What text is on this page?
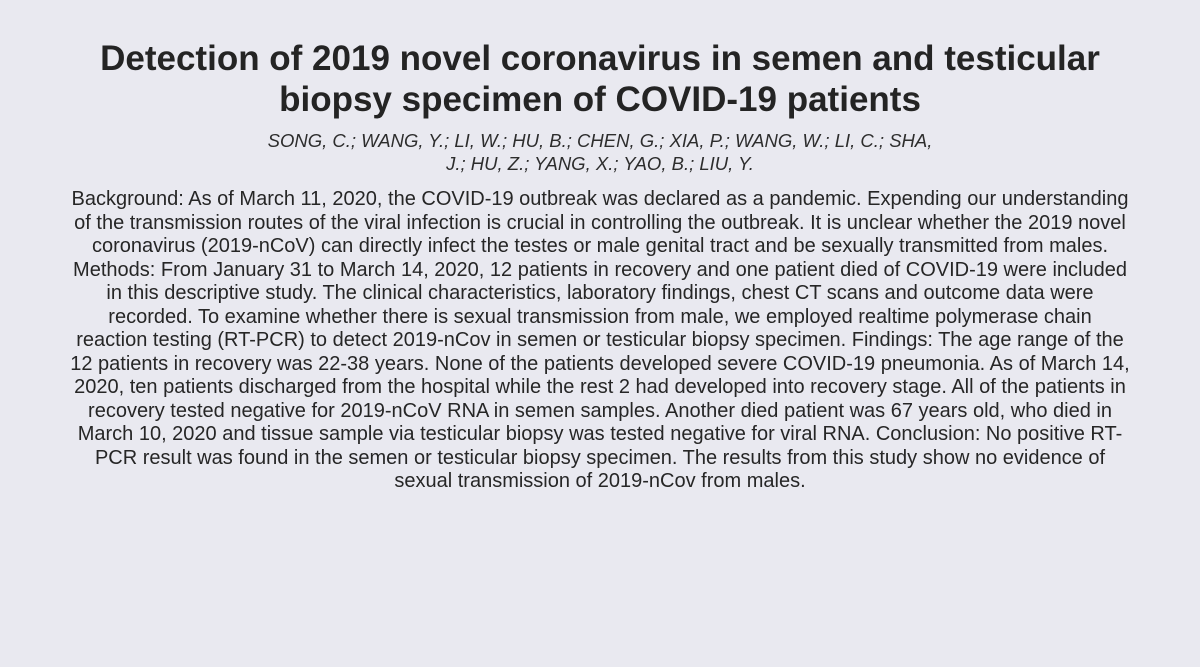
Detection of 2019 novel coronavirus in semen and testicular biopsy specimen of COVID-19 patients
SONG, C.; WANG, Y.; LI, W.; HU, B.; CHEN, G.; XIA, P.; WANG, W.; LI, C.; SHA, J.; HU, Z.; YANG, X.; YAO, B.; LIU, Y.
Background: As of March 11, 2020, the COVID-19 outbreak was declared as a pandemic. Expending our understanding of the transmission routes of the viral infection is crucial in controlling the outbreak. It is unclear whether the 2019 novel coronavirus (2019-nCoV) can directly infect the testes or male genital tract and be sexually transmitted from males. Methods: From January 31 to March 14, 2020, 12 patients in recovery and one patient died of COVID-19 were included in this descriptive study. The clinical characteristics, laboratory findings, chest CT scans and outcome data were recorded. To examine whether there is sexual transmission from male, we employed realtime polymerase chain reaction testing (RT-PCR) to detect 2019-nCov in semen or testicular biopsy specimen. Findings: The age range of the 12 patients in recovery was 22-38 years. None of the patients developed severe COVID-19 pneumonia. As of March 14, 2020, ten patients discharged from the hospital while the rest 2 had developed into recovery stage. All of the patients in recovery tested negative for 2019-nCoV RNA in semen samples. Another died patient was 67 years old, who died in March 10, 2020 and tissue sample via testicular biopsy was tested negative for viral RNA. Conclusion: No positive RT-PCR result was found in the semen or testicular biopsy specimen. The results from this study show no evidence of sexual transmission of 2019-nCov from males.
